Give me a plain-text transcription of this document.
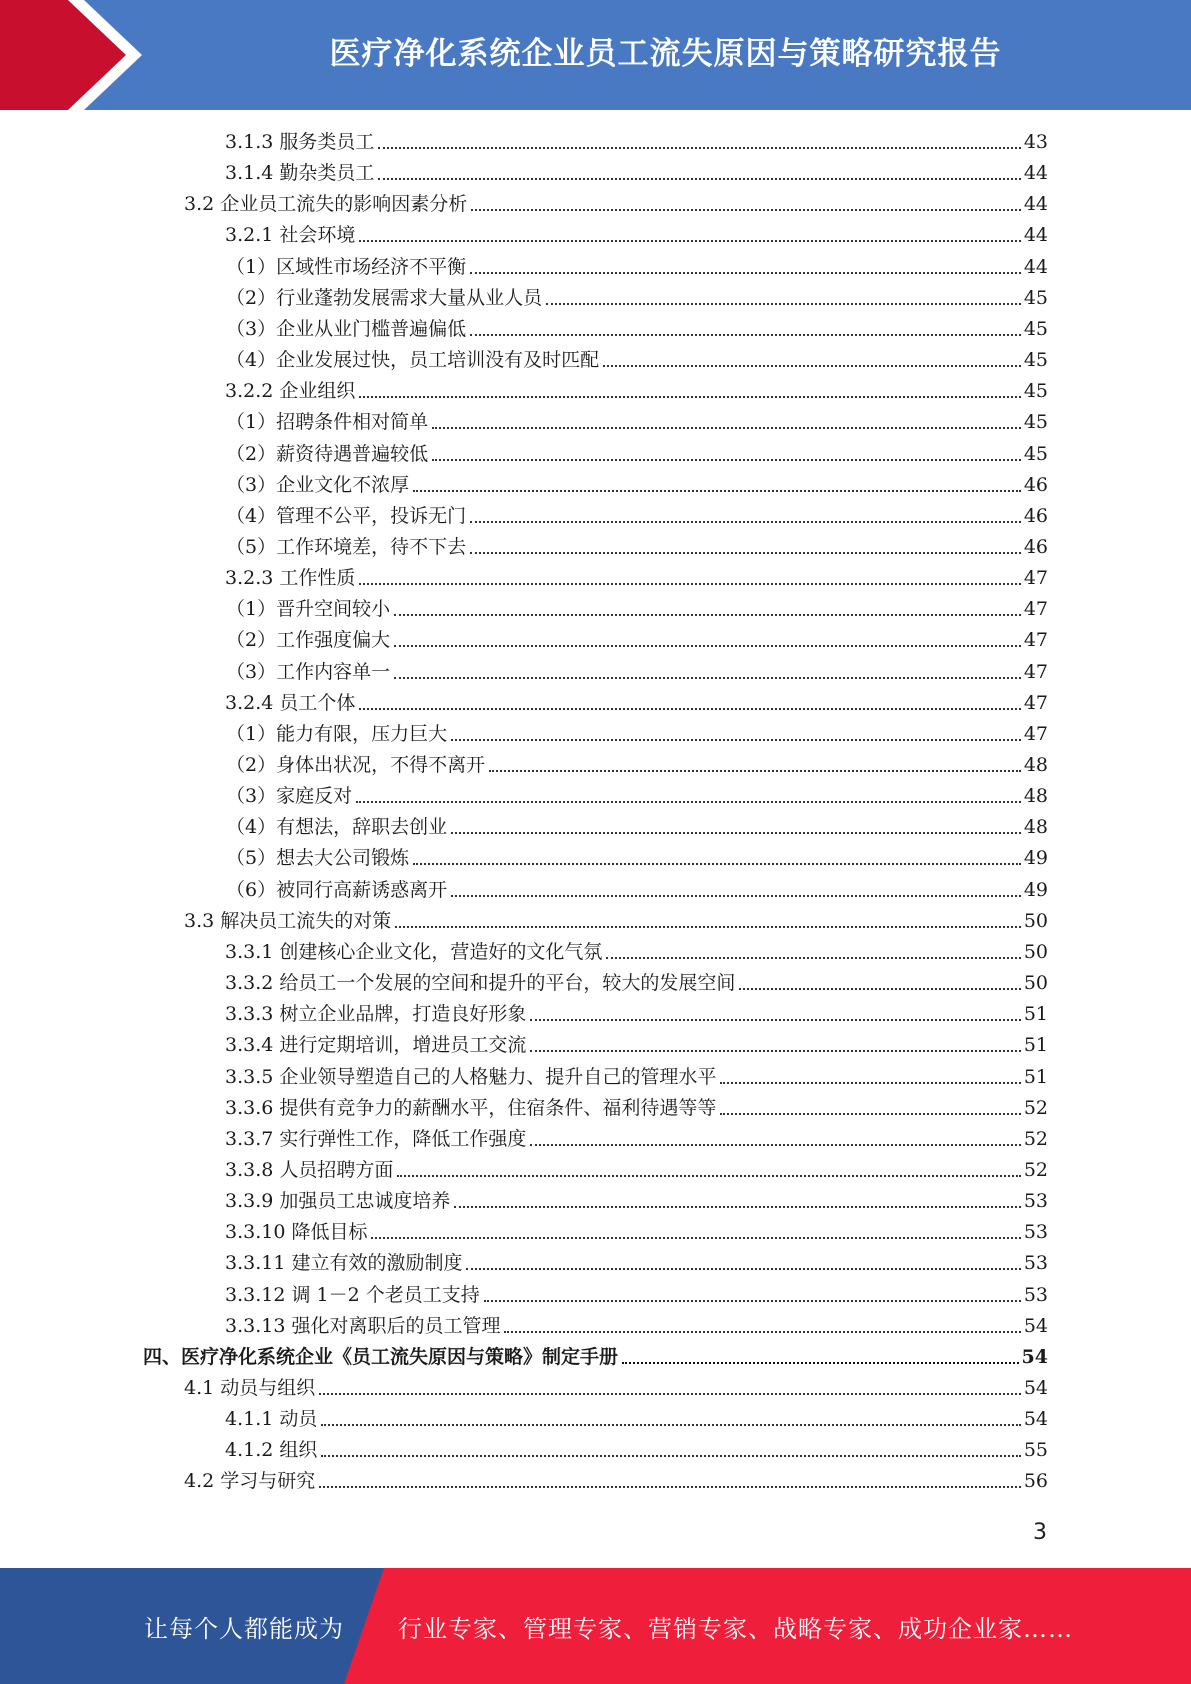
医疗净化系统企业员工流失原因与策略研究报告
3.1.3 服务类员工	43
3.1.4 勤杂类员工	44
3.2 企业员工流失的影响因素分析	44
3.2.1 社会环境	44
（1）区域性市场经济不平衡	44
（2）行业蓬勃发展需求大量从业人员	45
（3）企业从业门槛普遍偏低	45
（4）企业发展过快，员工培训没有及时匹配	45
3.2.2 企业组织	45
（1）招聘条件相对简单	45
（2）薪资待遇普遍较低	45
（3）企业文化不浓厚	46
（4）管理不公平，投诉无门	46
（5）工作环境差，待不下去	46
3.2.3 工作性质	47
（1）晋升空间较小	47
（2）工作强度偏大	47
（3）工作内容单一	47
3.2.4 员工个体	47
（1）能力有限，压力巨大	47
（2）身体出状况，不得不离开	48
（3）家庭反对	48
（4）有想法，辞职去创业	48
（5）想去大公司锻炼	49
（6）被同行高薪诱惑离开	49
3.3 解决员工流失的对策	50
3.3.1 创建核心企业文化，营造好的文化气氛	50
3.3.2 给员工一个发展的空间和提升的平台，较大的发展空间	50
3.3.3 树立企业品牌，打造良好形象	51
3.3.4 进行定期培训，增进员工交流	51
3.3.5 企业领导塑造自己的人格魅力、提升自己的管理水平	51
3.3.6 提供有竞争力的薪酬水平，住宿条件、福利待遇等等	52
3.3.7 实行弹性工作，降低工作强度	52
3.3.8 人员招聘方面	52
3.3.9 加强员工忠诚度培养	53
3.3.10 降低目标	53
3.3.11 建立有效的激励制度	53
3.3.12 调 1－2 个老员工支持	53
3.3.13 强化对离职后的员工管理	54
四、医疗净化系统企业《员工流失原因与策略》制定手册	54
4.1 动员与组织	54
4.1.1 动员	54
4.1.2 组织	55
4.2 学习与研究	56
3
让每个人都能成为	行业专家、管理专家、营销专家、战略专家、成功企业家……
